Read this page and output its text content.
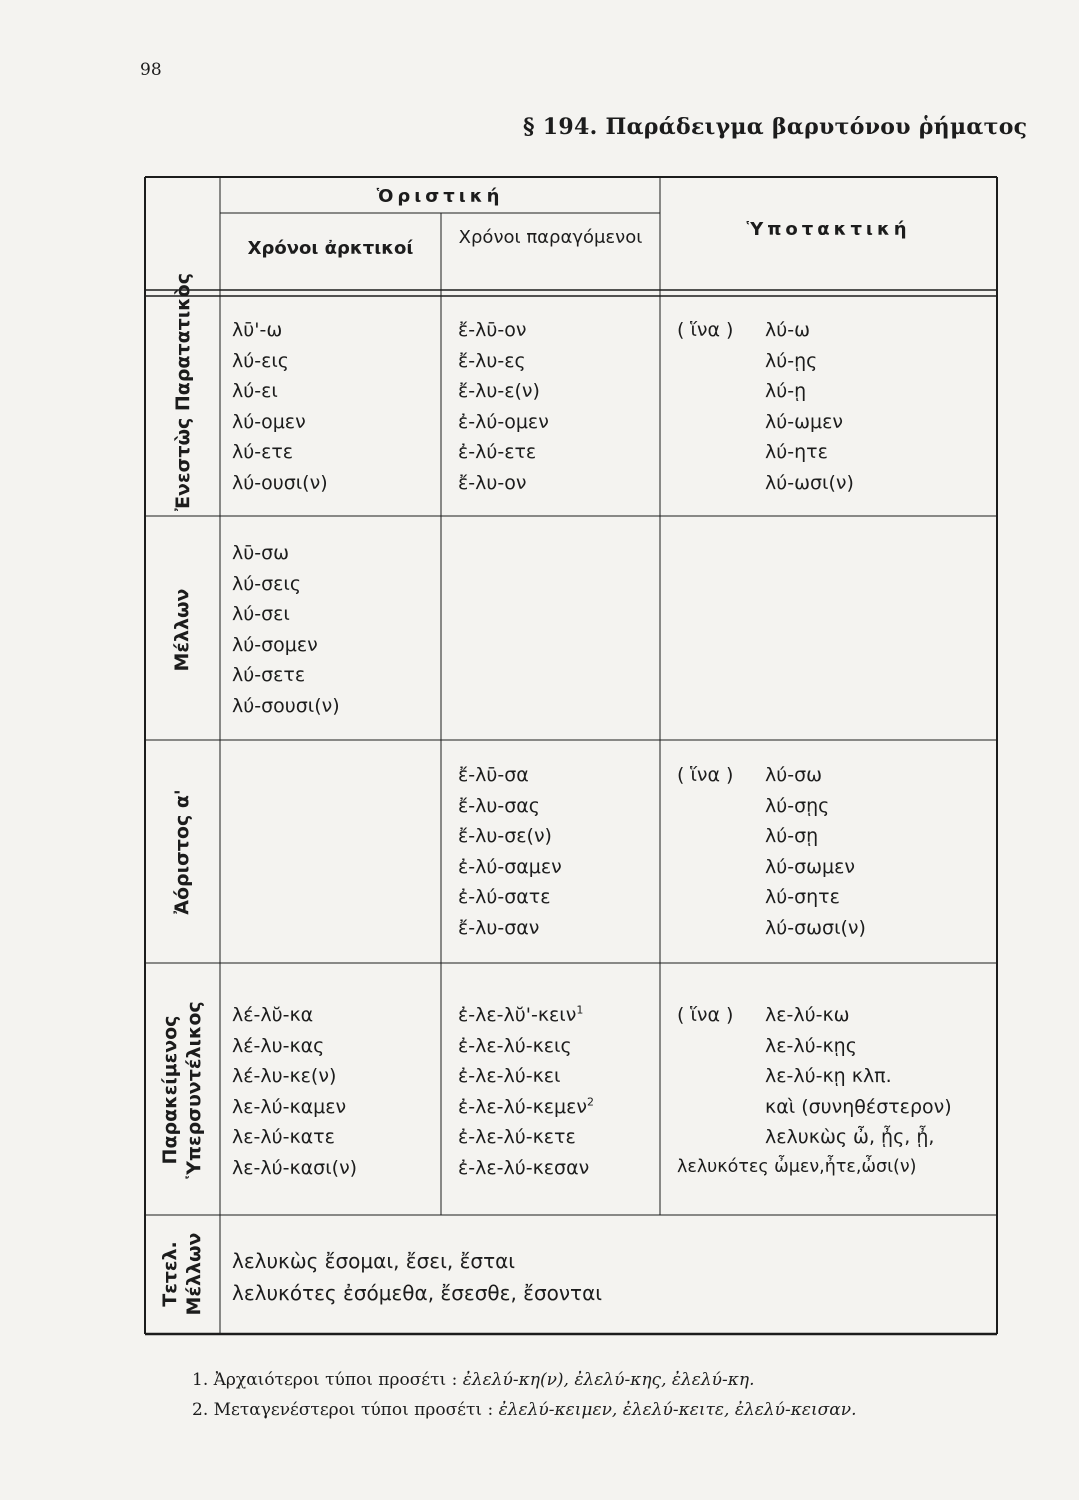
98
§ 194. Παράδειγμα βαρυτόνου ῥήματος
Ὁριστική
Χρόνοι ἀρκτικοί
Χρόνοι παραγόμενοι	Ὑποτακτική
Ἐνεστὼς Παρατατικὸς λῡ'-ω
λύ-εις
λύ-ει
λύ-ομεν
λύ-ετε
λύ-ουσι(ν)
ἔ-λῡ-ον
ἔ-λυ-ες
ἔ-λυ-ε(ν)
ἐ-λύ-ομεν
ἐ-λύ-ετε
ἔ-λυ-ον
( ἵνα ) λύ-ω
λύ-ῃς
λύ-ῃ
λύ-ωμεν
λύ-ητε
λύ-ωσι(ν)
Μέλλων
λῡ-σω
λύ-σεις
λύ-σει
λύ-σομεν
λύ-σετε
λύ-σουσι(ν)
Ἀόριστος α'
ἔ-λῡ-σα
ἔ-λυ-σας
ἔ-λυ-σε(ν)
ἐ-λύ-σαμεν
ἐ-λύ-σατε
ἔ-λυ-σαν
( ἵνα ) λύ-σω
λύ-σῃς
λύ-σῃ
λύ-σωμεν
λύ-σητε
λύ-σωσι(ν)
Παρακείμενος Ὑπερσυντέλικος λέ-λῠ-κα
λέ-λυ-κας
λέ-λυ-κε(ν)
λε-λύ-καμεν
λε-λύ-κατε
λε-λύ-κασι(ν)
ἐ-λε-λῠ'-κειν$^1$
ἐ-λε-λύ-κεις
ἐ-λε-λύ-κει
ἐ-λε-λύ-κεμεν$^2$
ἐ-λε-λύ-κετε
ἐ-λε-λύ-κεσαν
( ἵνα ) λε-λύ-κω
λε-λύ-κῃς
λε-λύ-κῃ κλπ.
καὶ (συνηθέστερον)
λελυκὼς ὦ, ᾖς, ᾖ,
λελυκότες ὦμεν,ἦτε,ὦσι(ν)
Τετελ. Μέλλων λελυκὼς ἔσομαι, ἔσει, ἔσται
λελυκότες ἐσόμεθα, ἔσεσθε, ἔσονται
1. Ἀρχαιότεροι τύποι προσέτι : ἐλελύ-κη(ν), ἐλελύ-κης, ἐλελύ-κη.
2. Μεταγενέστεροι τύποι προσέτι : ἐλελύ-κειμεν, ἐλελύ-κειτε, ἐλελύ-κεισαν.
